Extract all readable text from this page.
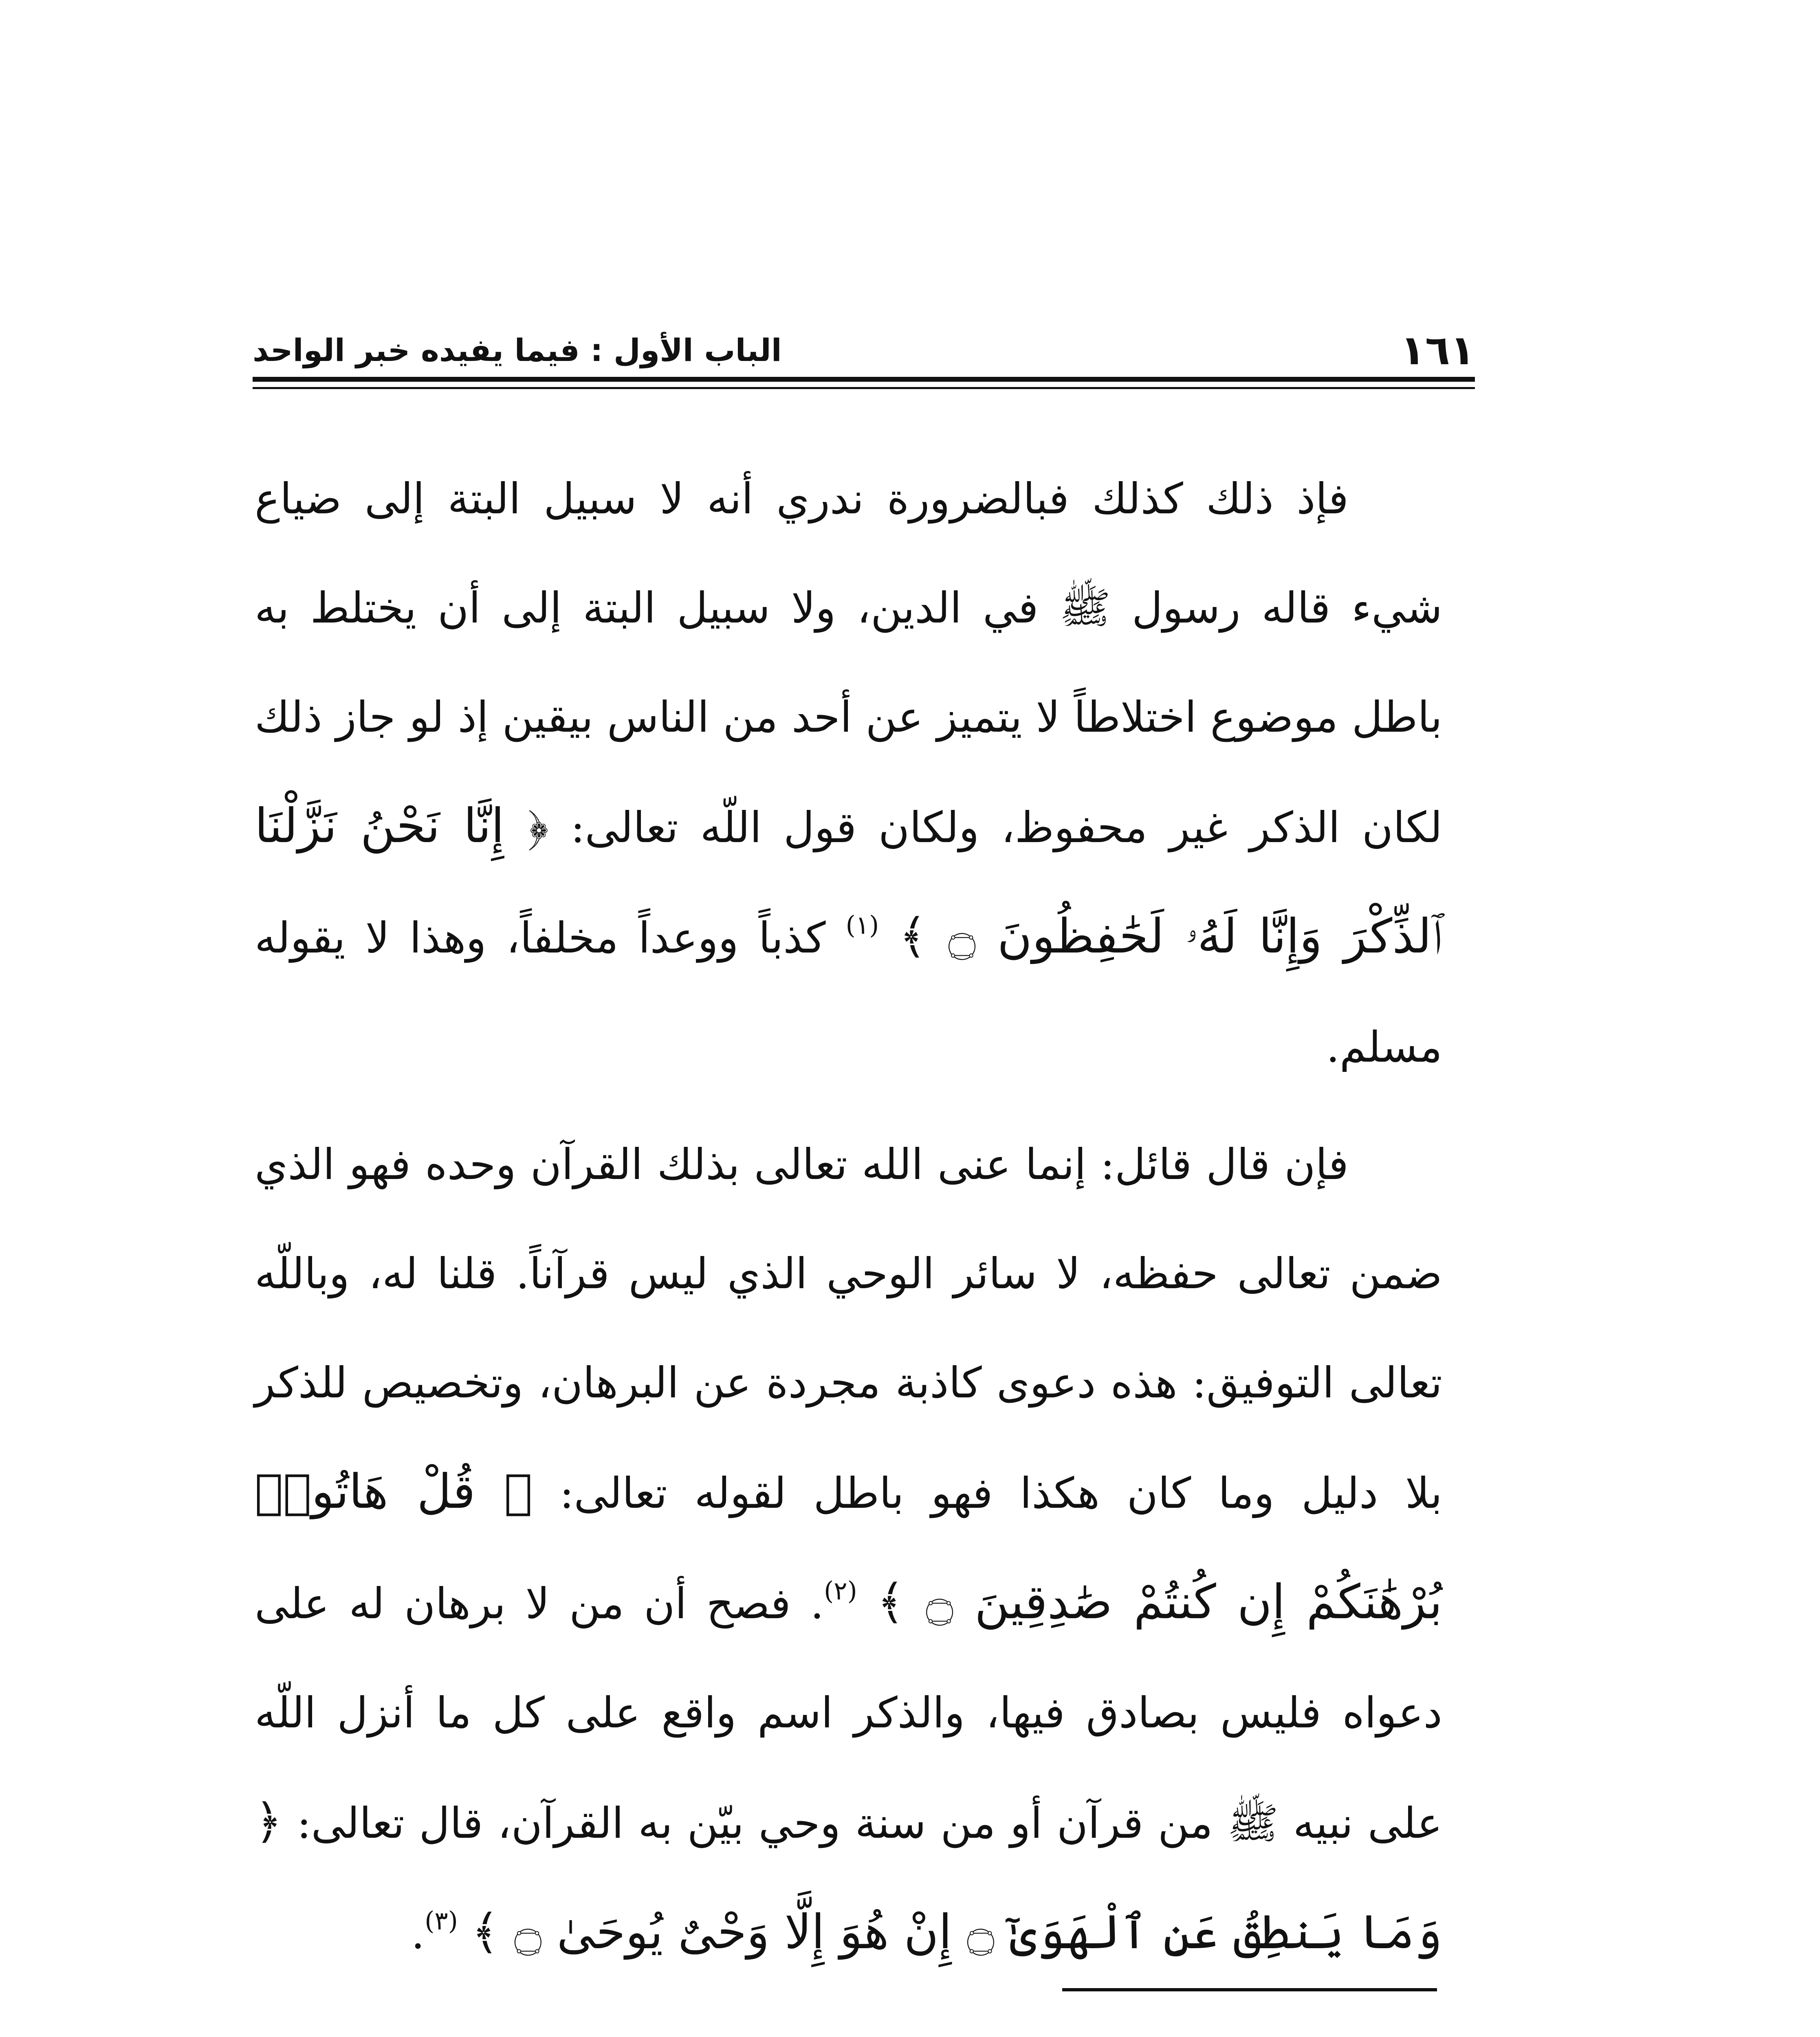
الباب الأول : فيما يفيده خبر الواحد	١٦١

فإذ ذلك كذلك فبالضرورة ندري أنه لا سبيل البتة إلى ضياع شيء قاله رسول ﷺ في الدين، ولا سبيل البتة إلى أن يختلط به باطل موضوع اختلاطاً لا يتميز عن أحد من الناس بيقين إذ لو جاز ذلك لكان الذكر غير محفوظ، ولكان قول اللّه تعالى: ﴿ إِنَّا نَحْنُ نَزَّلْنَا ٱلذِّكْرَ وَإِنَّا لَهُۥ لَحَٰفِظُونَ ۝ ﴾ $^{(١)}$ كذباً ووعداً مخلفاً، وهذا لا يقوله مسلم.

فإن قال قائل: إنما عنى الله تعالى بذلك القرآن وحده فهو الذي ضمن تعالى حفظه، لا سائر الوحي الذي ليس قرآناً. قلنا له، وباللّه تعالى التوفيق: هذه دعوى كاذبة مجردة عن البرهان، وتخصيص للذكر بلا دليل وما كان هكذا فهو باطل لقوله تعالى: ﴿ قُلْ هَاتُوا۟ بُرْهَٰنَكُمْ إِن كُنتُمْ صَٰدِقِينَ ۝ ﴾ $^{(٢)}$. فصح أن من لا برهان له على دعواه فليس بصادق فيها، والذكر اسم واقع على كل ما أنزل اللّه على نبيه ﷺ من قرآن أو من سنة وحي بيّن به القرآن، قال تعالى: ﴿ وَمَا يَنطِقُ عَنِ ٱلْهَوَىٰٓ ۝ إِنْ هُوَ إِلَّا وَحْىٌ يُوحَىٰ ۝ ﴾ $^{(٣)}$.
